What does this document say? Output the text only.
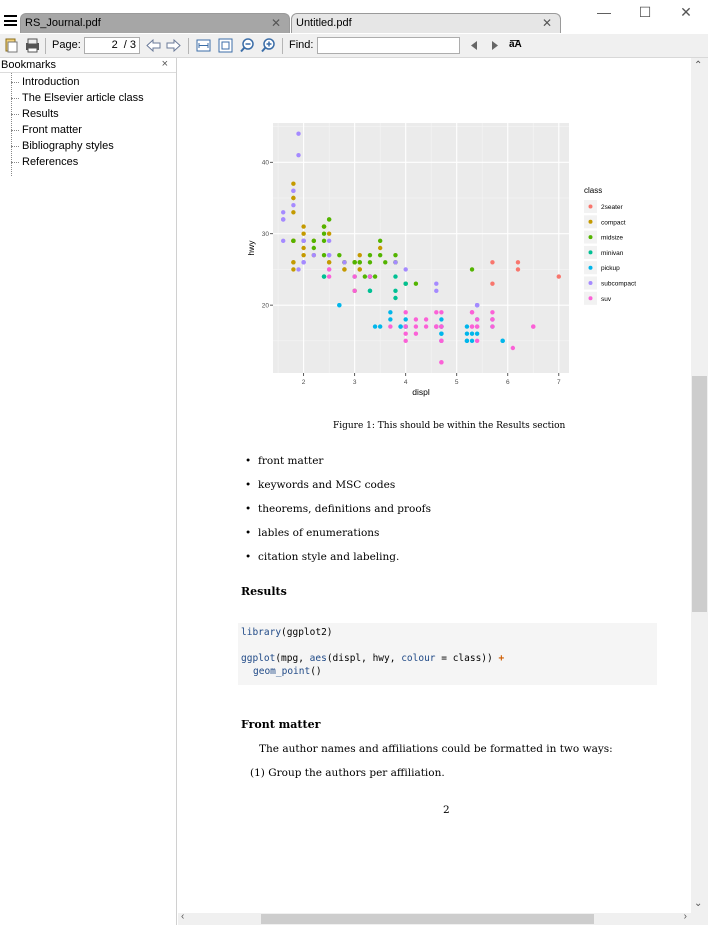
RS_Journal.pdf	✕	Untitled.pdf	✕
— ☐ ✕
Page:	2 / 3	Find:	a͞A
Bookmarks	×
Introduction
The Elsevier article class
Results
Front matter
Bibliography styles
References
2	3	4	5	6	7
20
30
40
displ
hwy
class
2seater
compact
midsize
minivan
pickup
subcompact
suv
Figure 1: This should be within the Results section
• front matter
• keywords and MSC codes
• theorems, definitions and proofs
• lables of enumerations
• citation style and labeling.
Results
library(ggplot2)
ggplot(mpg, aes(displ, hwy, colour = class)) +
geom_point()
Front matter
The author names and affiliations could be formatted in two ways:
(1) Group the authors per affiliation.
2
⌃
⌄
‹	›
